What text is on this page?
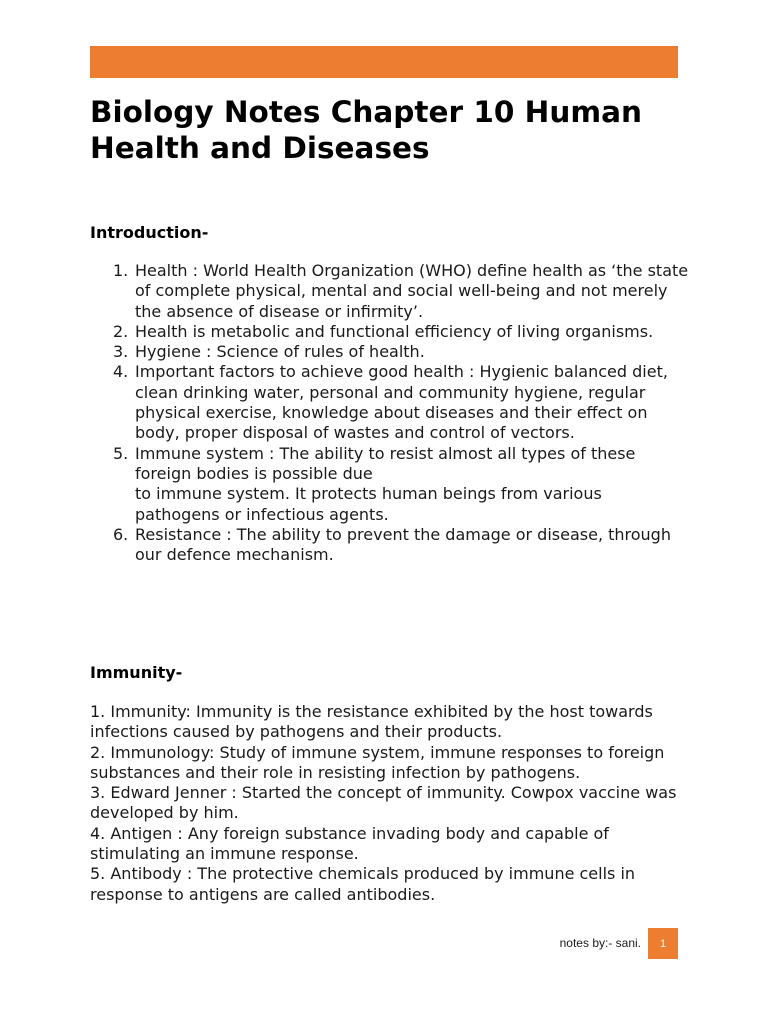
Biology Notes Chapter 10 Human Health and Diseases
Introduction-
1. Health : World Health Organization (WHO) define health as ‘the state of complete physical, mental and social well-being and not merely the absence of disease or infirmity’.
2. Health is metabolic and functional efficiency of living organisms.
3. Hygiene : Science of rules of health.
4. Important factors to achieve good health : Hygienic balanced diet, clean drinking water, personal and community hygiene, regular physical exercise, knowledge about diseases and their effect on body, proper disposal of wastes and control of vectors.
5. Immune system : The ability to resist almost all types of these foreign bodies is possible due
to immune system. It protects human beings from various pathogens or infectious agents.
6. Resistance : The ability to prevent the damage or disease, through our defence mechanism.
Immunity-

1. Immunity: Immunity is the resistance exhibited by the host towards infections caused by pathogens and their products.

2. Immunology: Study of immune system, immune responses to foreign substances and their role in resisting infection by pathogens.

3. Edward Jenner : Started the concept of immunity. Cowpox vaccine was developed by him.

4. Antigen : Any foreign substance invading body and capable of stimulating an immune response.

5. Antibody : The protective chemicals produced by immune cells in response to antigens are called antibodies.

notes by:- sani. 1
